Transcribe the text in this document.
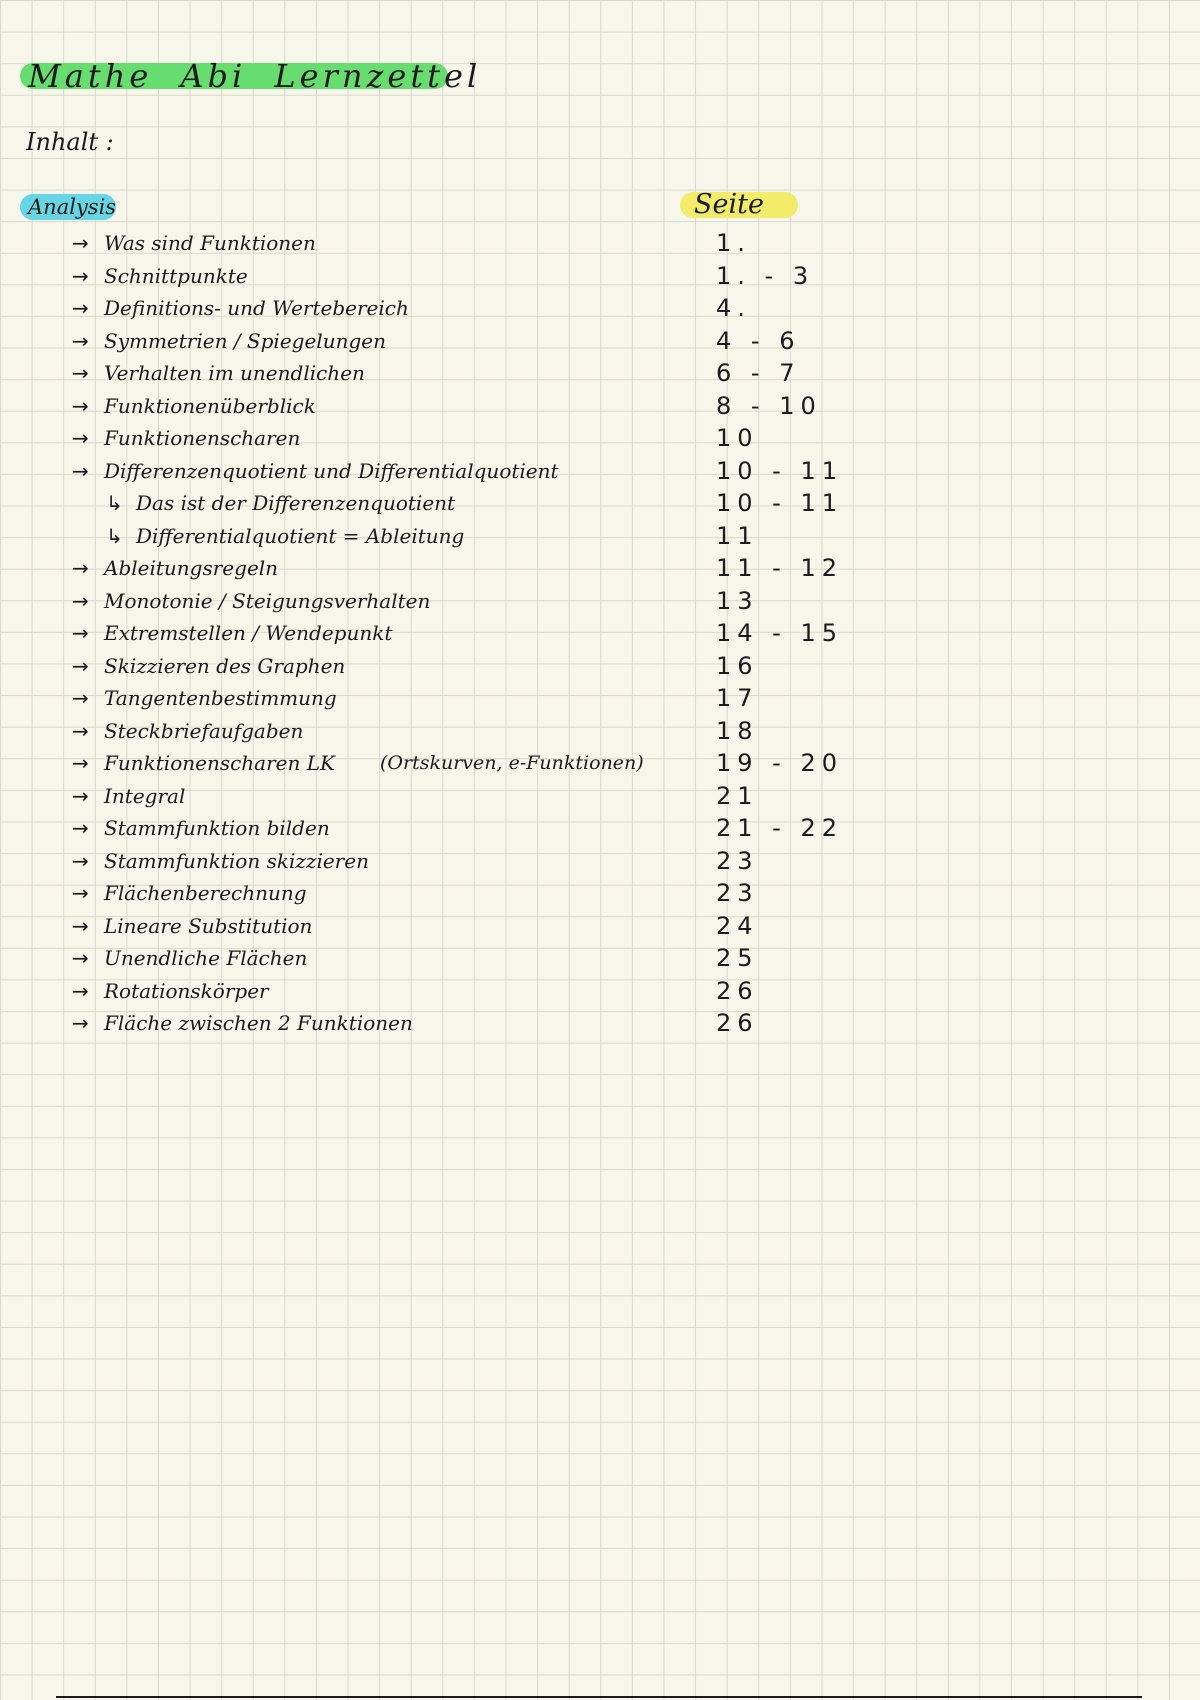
Mathe Abi Lernzettel
Inhalt :
Analysis	Seite
→ Was sind Funktionen	1.
→ Schnittpunkte	1. - 3
→ Definitions- und Wertebereich	4.
→ Symmetrien / Spiegelungen	4 - 6
→ Verhalten im unendlichen	6 - 7
→ Funktionenüberblick	8 - 10
→ Funktionenscharen	10
→ Differenzenquotient und Differentialquotient	10 - 11
↳ Das ist der Differenzenquotient	10 - 11
↳ Differentialquotient = Ableitung	11
→ Ableitungsregeln	11 - 12
→ Monotonie / Steigungsverhalten	13
→ Extremstellen / Wendepunkt	14 - 15
→ Skizzieren des Graphen	16
→ Tangentenbestimmung	17
→ Steckbriefaufgaben	18
→ Funktionenscharen LK (Ortskurven, e-Funktionen)	19 - 20
→ Integral	21
→ Stammfunktion bilden	21 - 22
→ Stammfunktion skizzieren	23
→ Flächenberechnung	23
→ Lineare Substitution	24
→ Unendliche Flächen	25
→ Rotationskörper	26
→ Fläche zwischen 2 Funktionen	26
